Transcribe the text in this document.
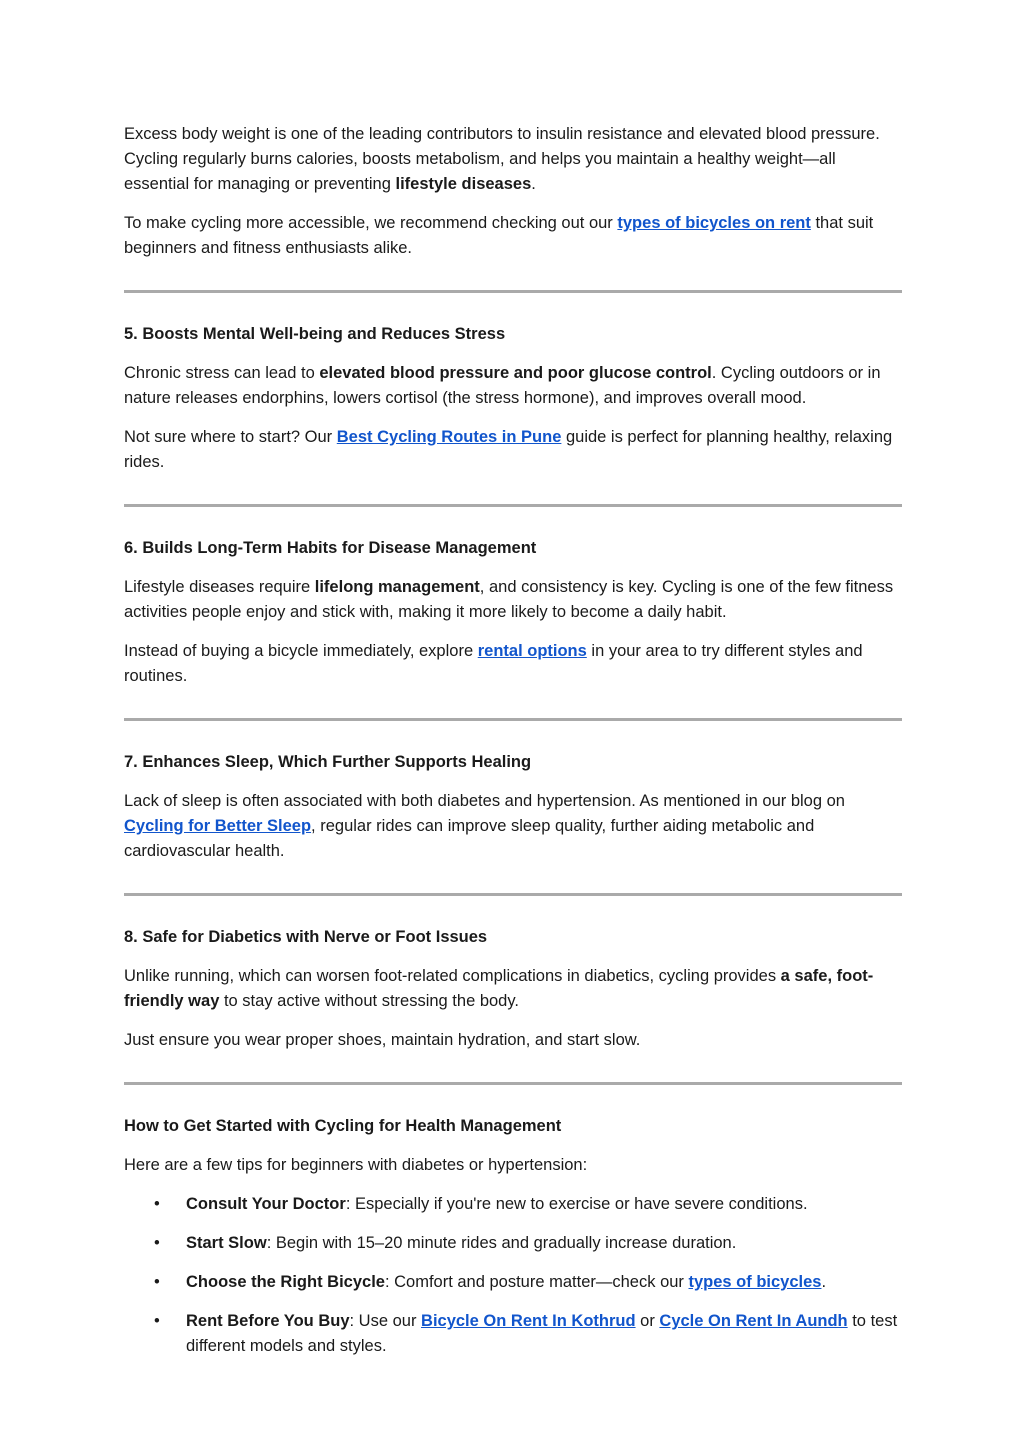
Excess body weight is one of the leading contributors to insulin resistance and elevated blood pressure. Cycling regularly burns calories, boosts metabolism, and helps you maintain a healthy weight—all essential for managing or preventing lifestyle diseases.

To make cycling more accessible, we recommend checking out our types of bicycles on rent that suit beginners and fitness enthusiasts alike.

5. Boosts Mental Well-being and Reduces Stress

Chronic stress can lead to elevated blood pressure and poor glucose control. Cycling outdoors or in nature releases endorphins, lowers cortisol (the stress hormone), and improves overall mood.

Not sure where to start? Our Best Cycling Routes in Pune guide is perfect for planning healthy, relaxing rides.

6. Builds Long-Term Habits for Disease Management

Lifestyle diseases require lifelong management, and consistency is key. Cycling is one of the few fitness activities people enjoy and stick with, making it more likely to become a daily habit.

Instead of buying a bicycle immediately, explore rental options in your area to try different styles and routines.

7. Enhances Sleep, Which Further Supports Healing

Lack of sleep is often associated with both diabetes and hypertension. As mentioned in our blog on Cycling for Better Sleep, regular rides can improve sleep quality, further aiding metabolic and cardiovascular health.

8. Safe for Diabetics with Nerve or Foot Issues

Unlike running, which can worsen foot-related complications in diabetics, cycling provides a safe, foot-friendly way to stay active without stressing the body.

Just ensure you wear proper shoes, maintain hydration, and start slow.

How to Get Started with Cycling for Health Management

Here are a few tips for beginners with diabetes or hypertension:

• Consult Your Doctor: Especially if you're new to exercise or have severe conditions.
• Start Slow: Begin with 15–20 minute rides and gradually increase duration.
• Choose the Right Bicycle: Comfort and posture matter—check our types of bicycles.
• Rent Before You Buy: Use our Bicycle On Rent In Kothrud or Cycle On Rent In Aundh to test different models and styles.
